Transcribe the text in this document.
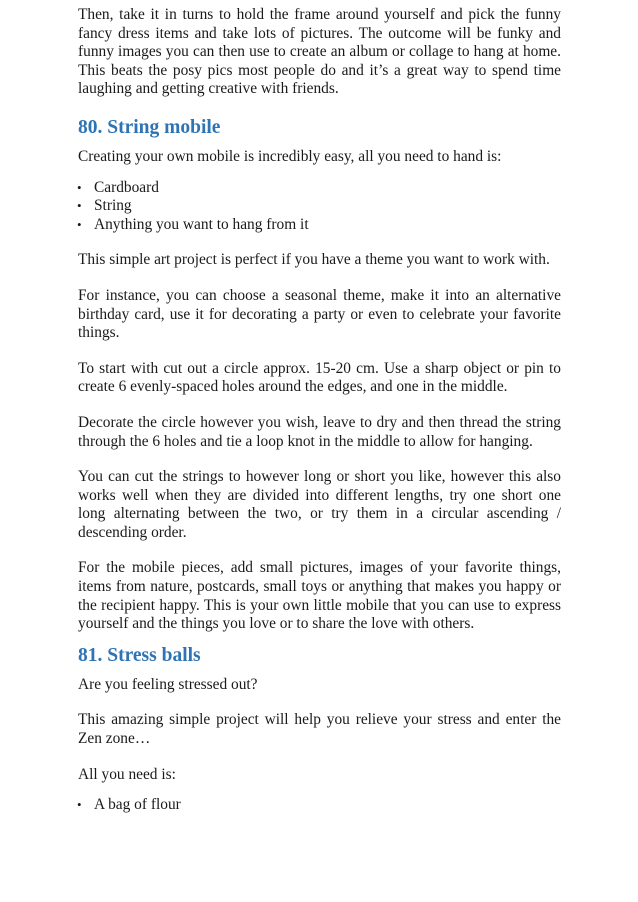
Then, take it in turns to hold the frame around yourself and pick the funny fancy dress items and take lots of pictures. The outcome will be funky and funny images you can then use to create an album or collage to hang at home. This beats the posy pics most people do and it’s a great way to spend time laughing and getting creative with friends.

80. String mobile

Creating your own mobile is incredibly easy, all you need to hand is:

• Cardboard
• String
• Anything you want to hang from it

This simple art project is perfect if you have a theme you want to work with.

For instance, you can choose a seasonal theme, make it into an alternative birthday card, use it for decorating a party or even to celebrate your favorite things.

To start with cut out a circle approx. 15-20 cm. Use a sharp object or pin to create 6 evenly-spaced holes around the edges, and one in the middle.

Decorate the circle however you wish, leave to dry and then thread the string through the 6 holes and tie a loop knot in the middle to allow for hanging.

You can cut the strings to however long or short you like, however this also works well when they are divided into different lengths, try one short one long alternating between the two, or try them in a circular ascending / descending order.

For the mobile pieces, add small pictures, images of your favorite things, items from nature, postcards, small toys or anything that makes you happy or the recipient happy. This is your own little mobile that you can use to express yourself and the things you love or to share the love with others.

81. Stress balls

Are you feeling stressed out?

This amazing simple project will help you relieve your stress and enter the Zen zone…

All you need is:

• A bag of flour
